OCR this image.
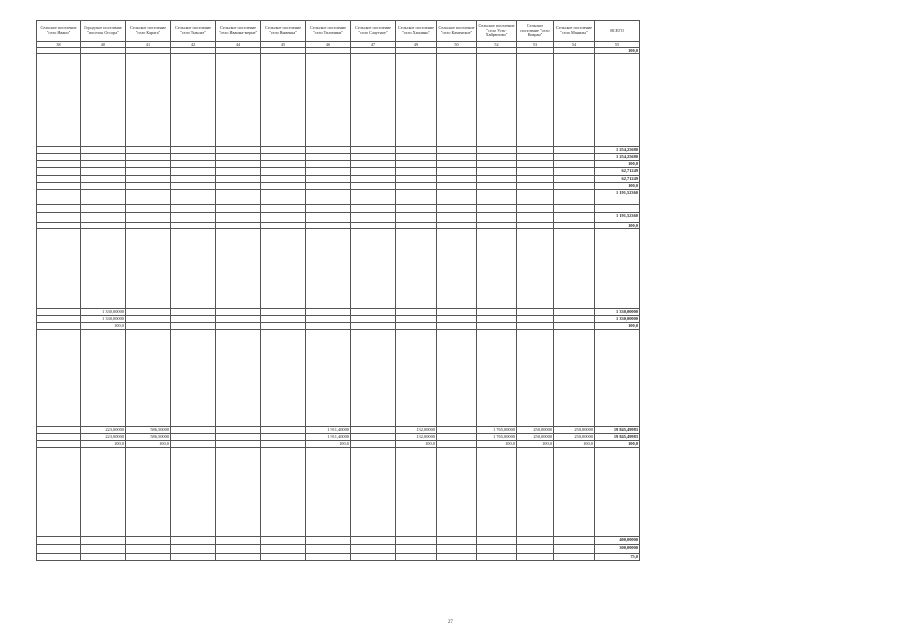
Сельское поселение "село Иванч"	Городское поселение "поселок Оссора"	Сельское поселение "село Карага"	Сельское поселение "село Тымлат"	Сельское поселение "село Ивашка-мерне"	Сельское поселение "село Вывенка"	Сельское поселение "село Тиличики"	Сельское поселение "село Слаутное"	Сельское поселение "село Хаилино"	Сельское поселение "село Каменское"	Сельское поселение "село Усть-Хайрюзово"	Сельское поселение "село Ковран"	Сельское поселение "село Манилы"	ВСЕГО
38	40	41	42	44	45	46	47	49	50	52	53	54	55
													100,0

													1 254,25680
													1 254,25680
													100,0
													62,71249
													62,71249
													100,0
													1 191,52360

													1 191,52360
													100,0

	1 330,00000												1 330,00000
	1 330,00000												1 330,00000
	100,0												100,0

	223,00000	586,50000				1 911,40000		132,00000		1 765,00000	250,00000	250,00000	19 845,49983
	223,00000	586,50000				1 911,40000		132,00000		1 765,00000	250,00000	250,00000	19 845,49983
	100,0	100,0				100,0		100,0		100,0	100,0	100,0	100,0

													400,00000
													300,00000
													75,0
27
